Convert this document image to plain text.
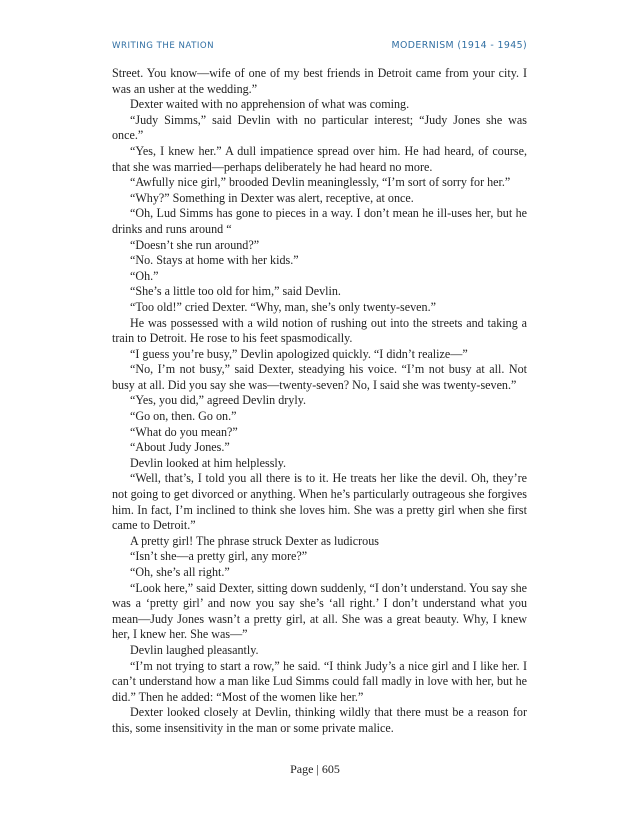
WRITING THE NATION	MODERNISM (1914 - 1945)

Street. You know—wife of one of my best friends in Detroit came from your city. I was an usher at the wedding.”

Dexter waited with no apprehension of what was coming.

“Judy Simms,” said Devlin with no particular interest; “Judy Jones she was once.”

“Yes, I knew her.” A dull impatience spread over him. He had heard, of course, that she was married—perhaps deliberately he had heard no more.

“Awfully nice girl,” brooded Devlin meaninglessly, “I’m sort of sorry for her.”

“Why?” Something in Dexter was alert, receptive, at once.

“Oh, Lud Simms has gone to pieces in a way. I don’t mean he ill-uses her, but he drinks and runs around “

“Doesn’t she run around?”

“No. Stays at home with her kids.”

“Oh.”

“She’s a little too old for him,” said Devlin.

“Too old!” cried Dexter. “Why, man, she’s only twenty-seven.”

He was possessed with a wild notion of rushing out into the streets and taking a train to Detroit. He rose to his feet spasmodically.

“I guess you’re busy,” Devlin apologized quickly. “I didn’t realize—”

“No, I’m not busy,” said Dexter, steadying his voice. “I’m not busy at all. Not busy at all. Did you say she was—twenty-seven? No, I said she was twenty-seven.”

“Yes, you did,” agreed Devlin dryly.

“Go on, then. Go on.”

“What do you mean?”

“About Judy Jones.”

Devlin looked at him helplessly.

“Well, that’s, I told you all there is to it. He treats her like the devil. Oh, they’re not going to get divorced or anything. When he’s particularly outrageous she forgives him. In fact, I’m inclined to think she loves him. She was a pretty girl when she first came to Detroit.”

A pretty girl! The phrase struck Dexter as ludicrous

“Isn’t she—a pretty girl, any more?”

“Oh, she’s all right.”

“Look here,” said Dexter, sitting down suddenly, “I don’t understand. You say she was a ‘pretty girl’ and now you say she’s ‘all right.’ I don’t understand what you mean—Judy Jones wasn’t a pretty girl, at all. She was a great beauty. Why, I knew her, I knew her. She was—”

Devlin laughed pleasantly.

“I’m not trying to start a row,” he said. “I think Judy’s a nice girl and I like her. I can’t understand how a man like Lud Simms could fall madly in love with her, but he did.” Then he added: “Most of the women like her.”

Dexter looked closely at Devlin, thinking wildly that there must be a reason for this, some insensitivity in the man or some private malice.

Page | 605
